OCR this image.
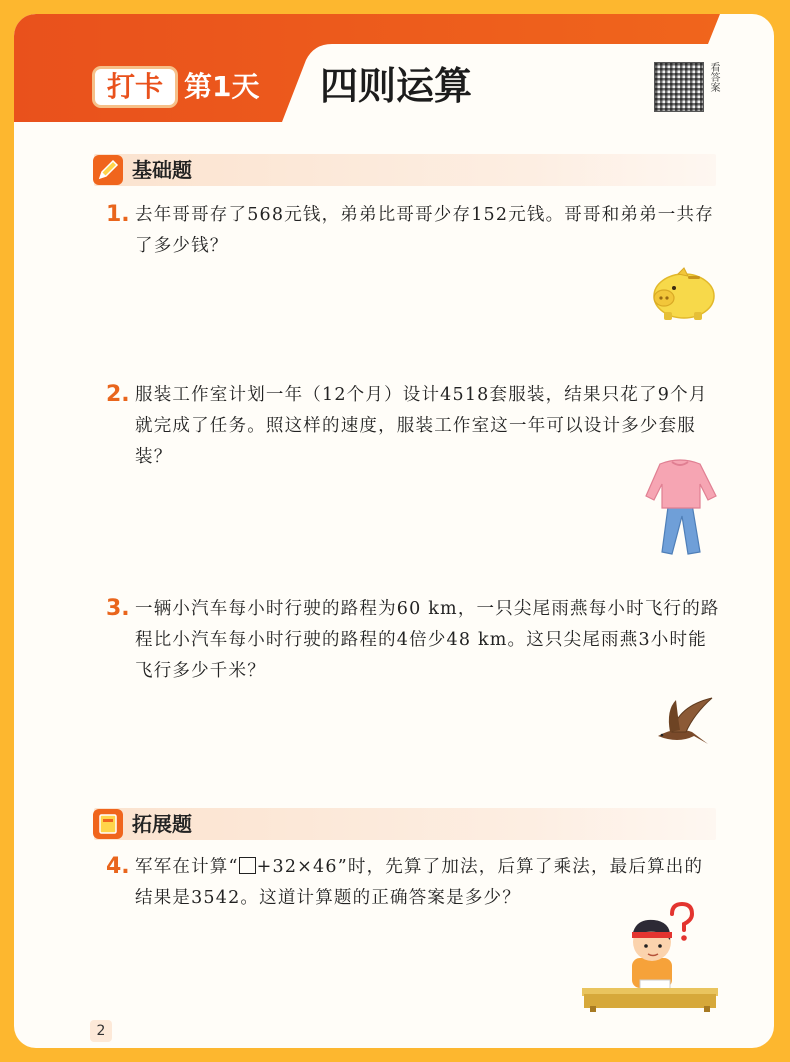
打卡 第1天 四则运算	看答案
基础题
1. 去年哥哥存了568元钱，弟弟比哥哥少存152元钱。哥哥和弟弟一共存了多少钱？
2. 服装工作室计划一年（12个月）设计4518套服装，结果只花了9个月就完成了任务。照这样的速度，服装工作室这一年可以设计多少套服装？
3. 一辆小汽车每小时行驶的路程为60 km，一只尖尾雨燕每小时飞行的路程比小汽车每小时行驶的路程的4倍少48 km。这只尖尾雨燕3小时能飞行多少千米？
拓展题
4. 军军在计算“ +32×46”时，先算了加法，后算了乘法，最后算出的结果是3542。这道计算题的正确答案是多少？
2
